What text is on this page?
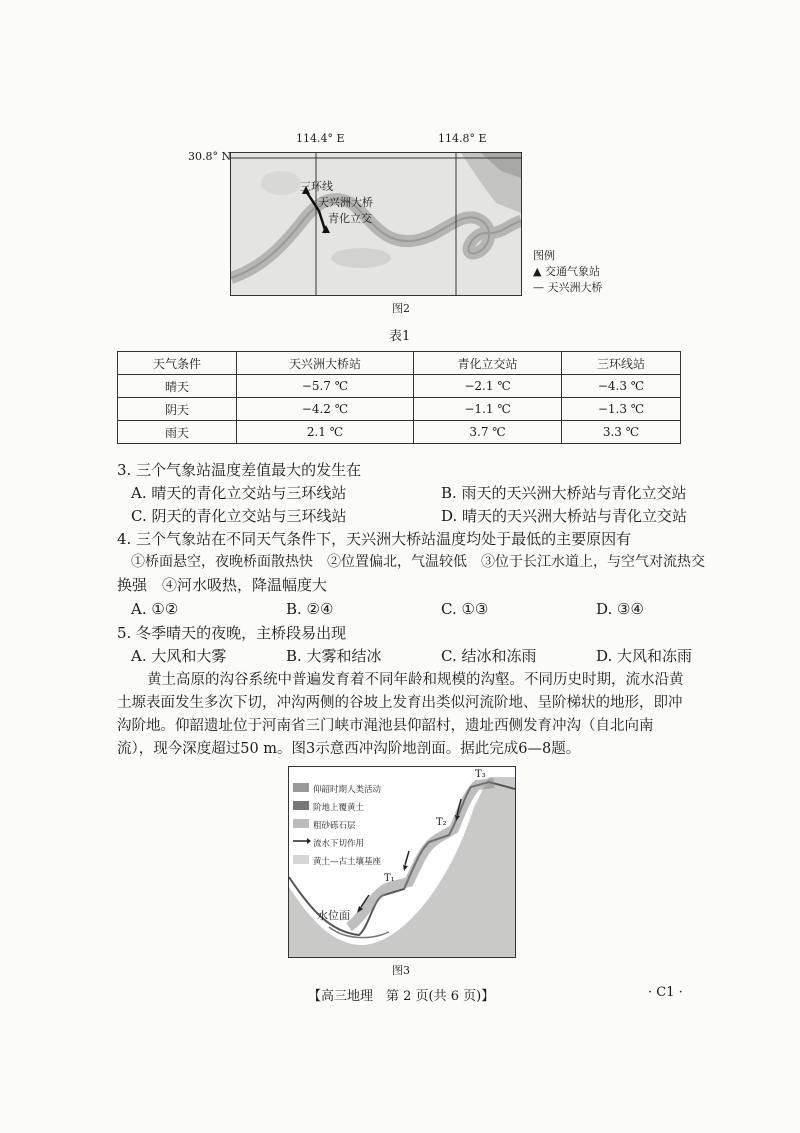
114.4° E	114.8° E
30.8° N
三环线
天兴洲大桥
青化立交
图例
▲ 交通气象站
— 天兴洲大桥
图2
表1
天气条件	天兴洲大桥站	青化立交站	三环线站
晴天	−5.7 ℃	−2.1 ℃	−4.3 ℃
阴天	−4.2 ℃	−1.1 ℃	−1.3 ℃
雨天	2.1 ℃	3.7 ℃	3.3 ℃
3. 三个气象站温度差值最大的发生在
A. 晴天的青化立交站与三环线站	B. 雨天的天兴洲大桥站与青化立交站
C. 阴天的青化立交站与三环线站	D. 晴天的天兴洲大桥站与青化立交站
4. 三个气象站在不同天气条件下，天兴洲大桥站温度均处于最低的主要原因有
①桥面悬空，夜晚桥面散热快　②位置偏北，气温较低　③位于长江水道上，与空气对流热交
换强　④河水吸热，降温幅度大
A. ①②	B. ②④	C. ①③	D. ③④
5. 冬季晴天的夜晚，主桥段易出现
A. 大风和大雾	B. 大雾和结冰	C. 结冰和冻雨	D. 大风和冻雨
黄土高原的沟谷系统中普遍发育着不同年龄和规模的沟壑。不同历史时期，流水沿黄土塬表面发生多次下切，冲沟两侧的谷坡上发育出类似河流阶地、呈阶梯状的地形，即冲沟阶地。仰韶遗址位于河南省三门峡市渑池县仰韶村，遗址西侧发育冲沟（自北向南流），现今深度超过50 m。图3示意西冲沟阶地剖面。据此完成6—8题。
仰韶时期人类活动
阶地上覆黄土
粗砂砾石层
流水下切作用
黄土—古土壤基座
T₃
T₂
T₁
水位面
图3
【高三地理　第 2 页(共 6 页)】	· C1 ·
